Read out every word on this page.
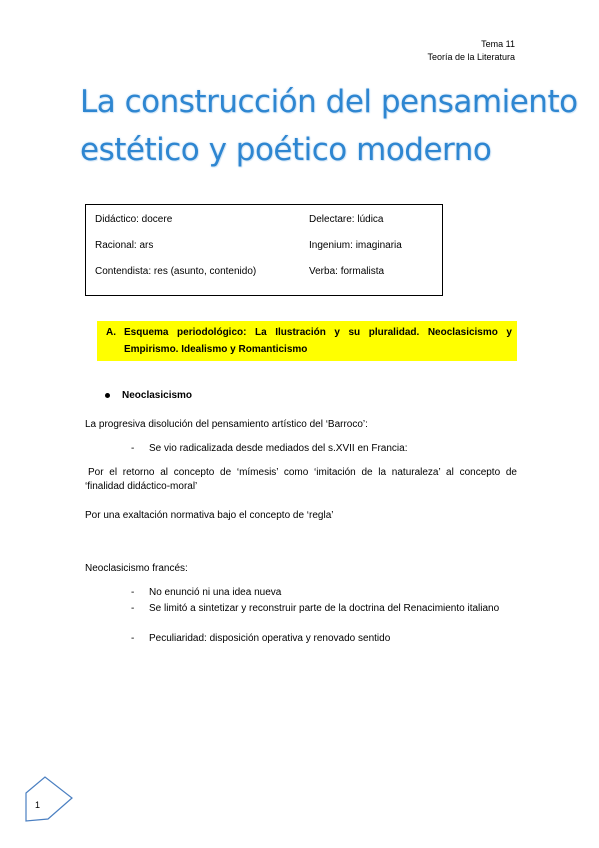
Tema 11
Teoría de la Literatura
La construcción del pensamiento estético y poético moderno
Didáctico: docere
Racional: ars
Contendista: res (asunto, contenido)
Delectare: lúdica
Ingenium: imaginaria
Verba: formalista
A. Esquema periodológico: La Ilustración y su pluralidad. Neoclasicismo y Empirismo. Idealismo y Romanticismo
Neoclasicismo
La progresiva disolución del pensamiento artístico del ‘Barroco’:
- Se vio radicalizada desde mediados del s.XVII en Francia:
Por el retorno al concepto de ‘mímesis’ como ‘imitación de la naturaleza’ al concepto de ‘finalidad didáctico-moral’
Por una exaltación normativa bajo el concepto de ‘regla’
Neoclasicismo francés:
- No enunció ni una idea nueva
- Se limitó a sintetizar y reconstruir parte de la doctrina del Renacimiento italiano
- Peculiaridad: disposición operativa y renovado sentido
1
